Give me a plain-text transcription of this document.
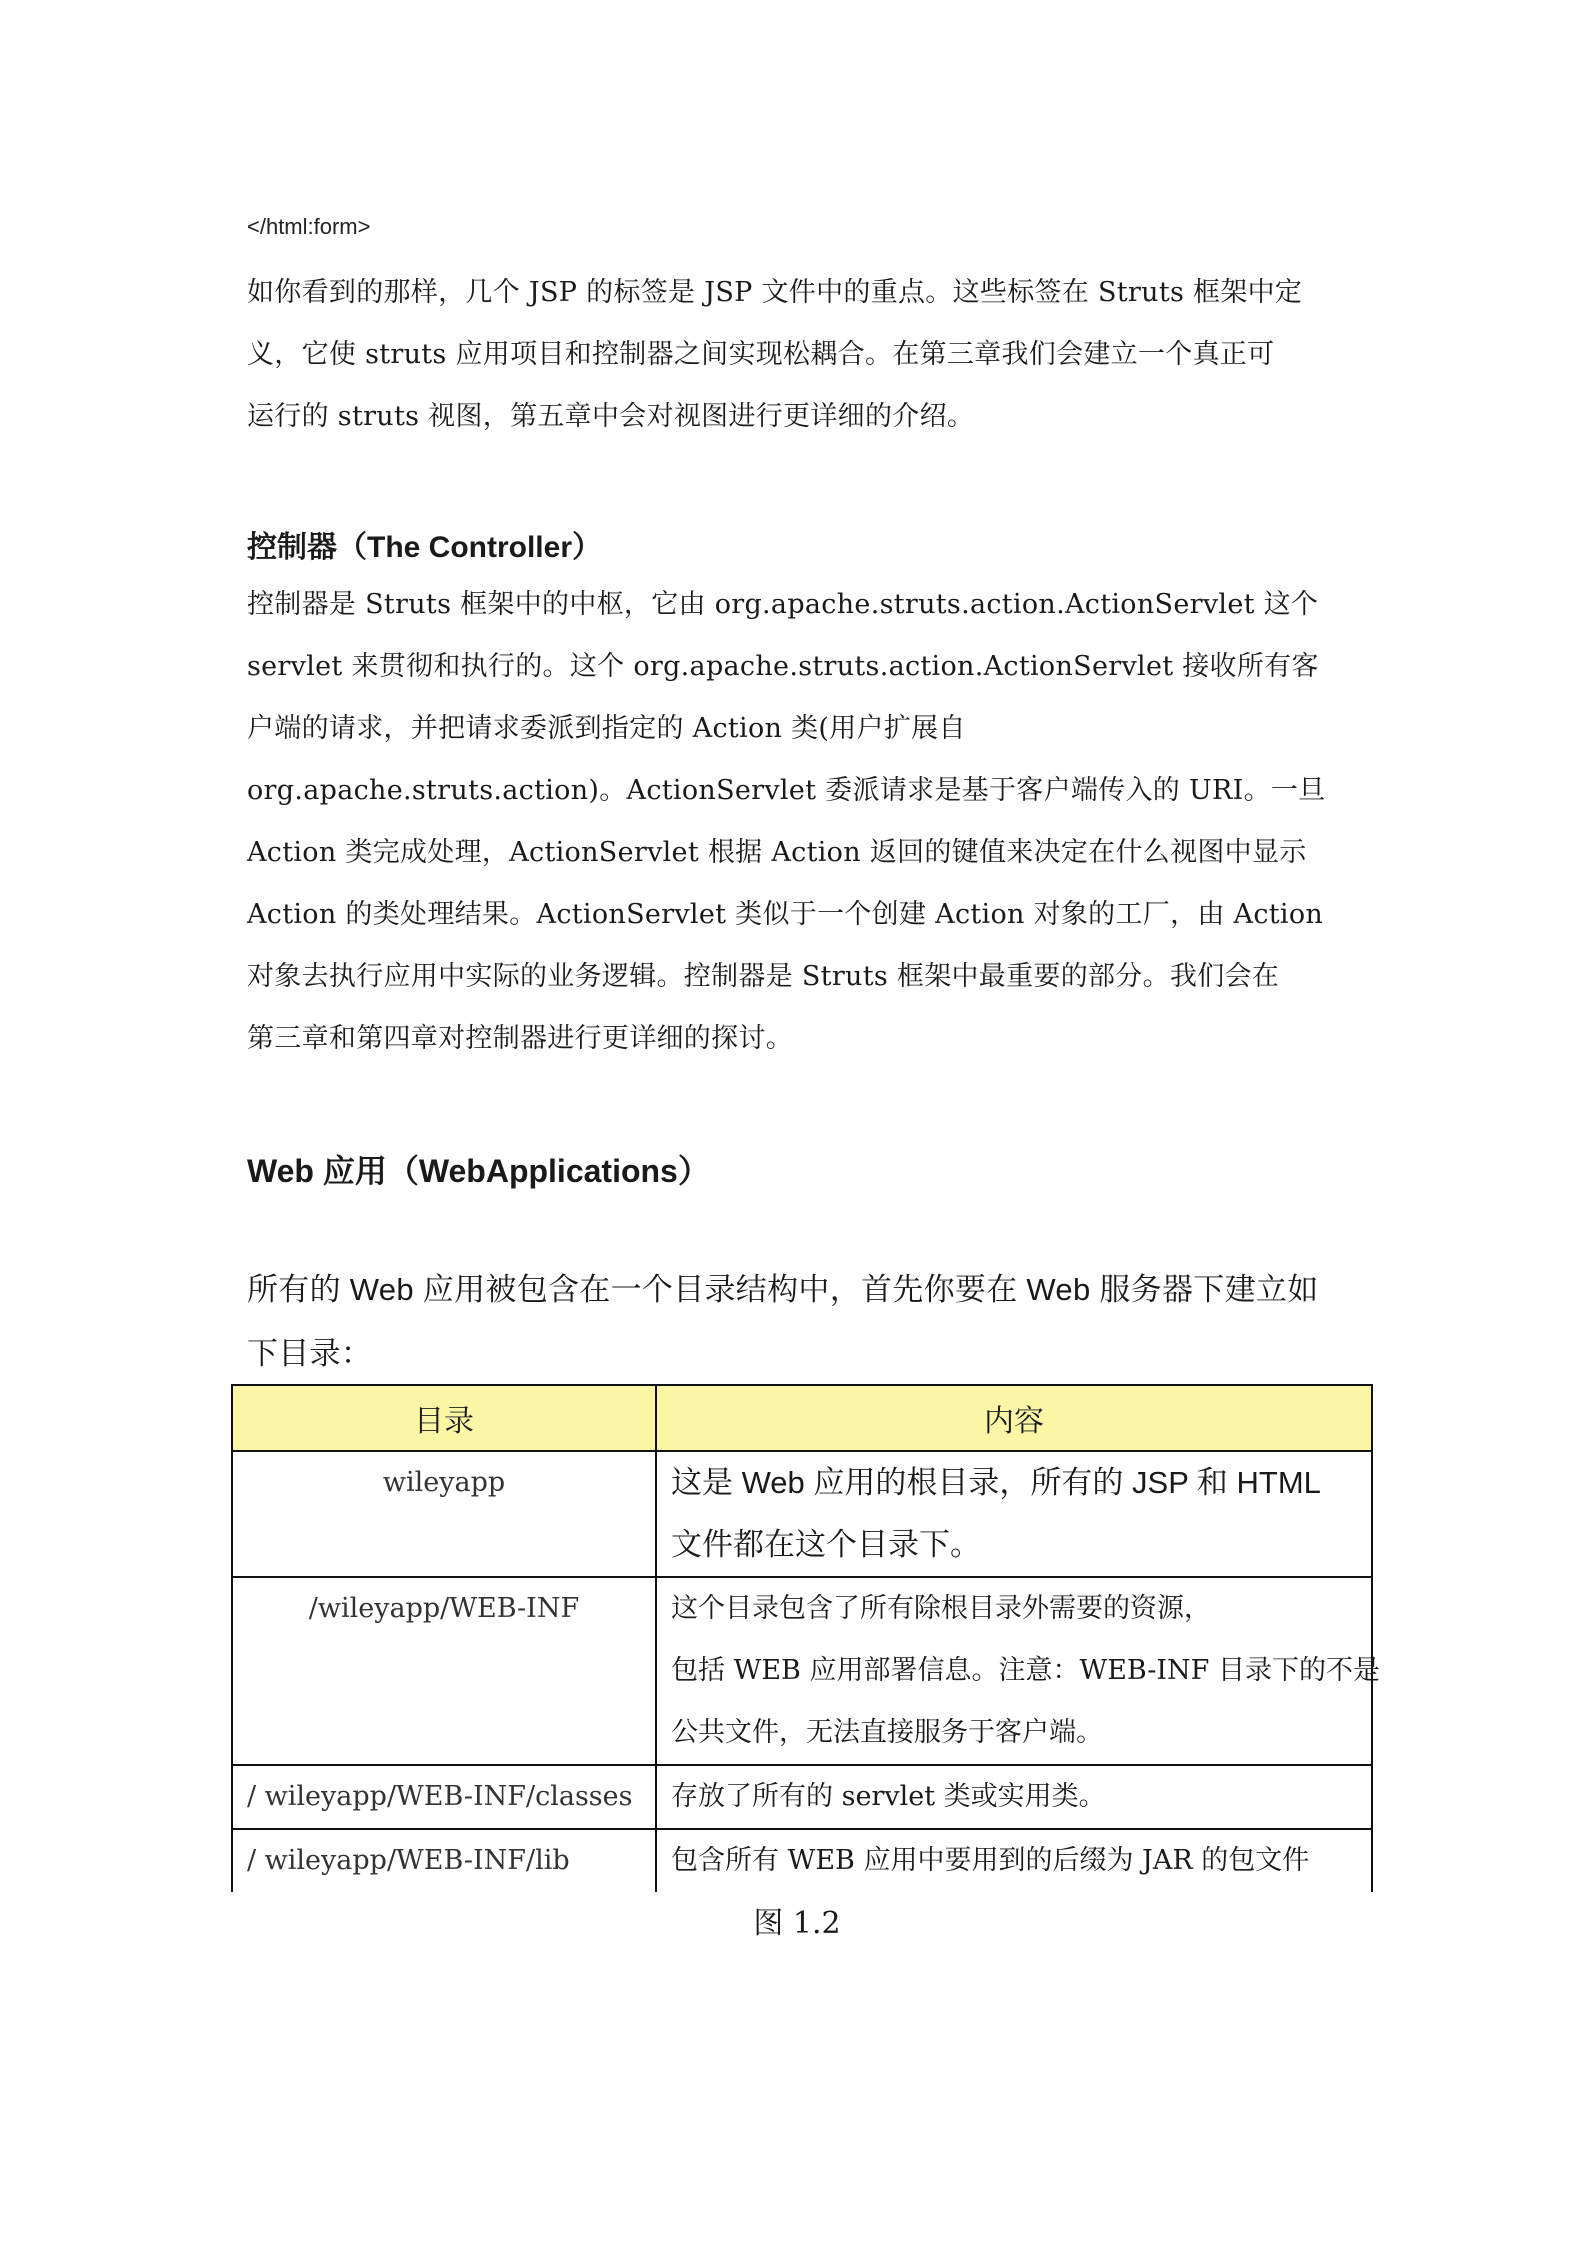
</html:form>
如你看到的那样，几个 JSP 的标签是 JSP 文件中的重点。这些标签在 Struts 框架中定
义，它使 struts 应用项目和控制器之间实现松耦合。在第三章我们会建立一个真正可
运行的 struts 视图，第五章中会对视图进行更详细的介绍。
控制器（The Controller）
控制器是 Struts 框架中的中枢，它由 org.apache.struts.action.ActionServlet 这个
servlet 来贯彻和执行的。这个 org.apache.struts.action.ActionServlet 接收所有客
户端的请求，并把请求委派到指定的 Action 类(用户扩展自
org.apache.struts.action)。ActionServlet 委派请求是基于客户端传入的 URI。一旦
Action 类完成处理，ActionServlet 根据 Action 返回的键值来决定在什么视图中显示
Action 的类处理结果。ActionServlet 类似于一个创建 Action 对象的工厂，由 Action
对象去执行应用中实际的业务逻辑。控制器是 Struts 框架中最重要的部分。我们会在
第三章和第四章对控制器进行更详细的探讨。
Web 应用（WebApplications）
所有的 Web 应用被包含在一个目录结构中，首先你要在 Web 服务器下建立如
下目录：
目录	内容
wileyapp	这是 Web 应用的根目录，所有的 JSP 和 HTML
文件都在这个目录下。

/wileyapp/WEB-INF	这个目录包含了所有除根目录外需要的资源，
包括 WEB 应用部署信息。注意：WEB-INF 目录下的不是
公共文件，无法直接服务于客户端。

/ wileyapp/WEB-INF/classes	存放了所有的 servlet 类或实用类。

/ wileyapp/WEB-INF/lib	包含所有 WEB 应用中要用到的后缀为 JAR 的包文件
图 1.2
